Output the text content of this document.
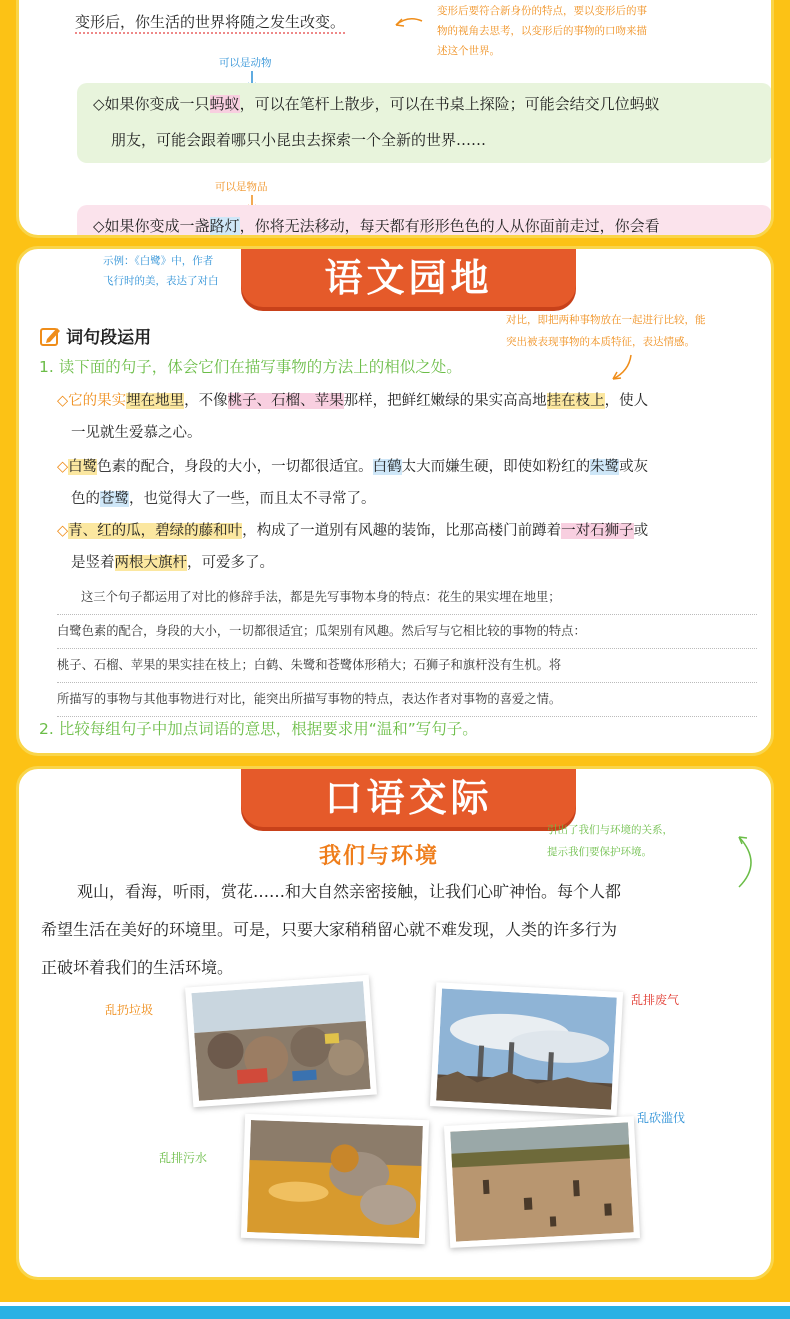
变形后，你生活的世界将随之发生改变。
变形后要符合新身份的特点，要以变形后的事
物的视角去思考，以变形后的事物的口吻来描
述这个世界。
可以是动物
◇如果你变成一只蚂蚁，可以在笔杆上散步，可以在书桌上探险；可能会结交几位蚂蚁
朋友，可能会跟着哪只小昆虫去探索一个全新的世界……
可以是物品
◇如果你变成一盏路灯，你将无法移动，每天都有形形色色的人从你面前走过，你会看
示例：《白鹭》中，作者
飞行时的美，表达了对白	语文园地
词句段运用
对比，即把两种事物放在一起进行比较，能
突出被表现事物的本质特征，表达情感。
1. 读下面的句子，体会它们在描写事物的方法上的相似之处。
◇它的果实埋在地里，不像桃子、石榴、苹果那样，把鲜红嫩绿的果实高高地挂在枝上，使人
一见就生爱慕之心。
◇白鹭色素的配合，身段的大小，一切都很适宜。白鹤太大而嫌生硬，即使如粉红的朱鹭或灰
色的苍鹭，也觉得大了一些，而且太不寻常了。
◇青、红的瓜，碧绿的藤和叶，构成了一道别有风趣的装饰，比那高楼门前蹲着一对石狮子或
是竖着两根大旗杆，可爱多了。
这三个句子都运用了对比的修辞手法，都是先写事物本身的特点：花生的果实埋在地里；
白鹭色素的配合，身段的大小，一切都很适宜；瓜架别有风趣。然后写与它相比较的事物的特点：
桃子、石榴、苹果的果实挂在枝上；白鹤、朱鹭和苍鹭体形稍大；石狮子和旗杆没有生机。将
所描写的事物与其他事物进行对比，能突出所描写事物的特点，表达作者对事物的喜爱之情。
2. 比较每组句子中加点词语的意思，根据要求用“温和”写句子。
口语交际
我们与环境
引出了我们与环境的关系，
提示我们要保护环境。
观山，看海，听雨，赏花……和大自然亲密接触，让我们心旷神怡。每个人都
希望生活在美好的环境里。可是，只要大家稍稍留心就不难发现，人类的许多行为
正破坏着我们的生活环境。
乱扔垃圾
乱排废气
乱排污水
乱砍滥伐
